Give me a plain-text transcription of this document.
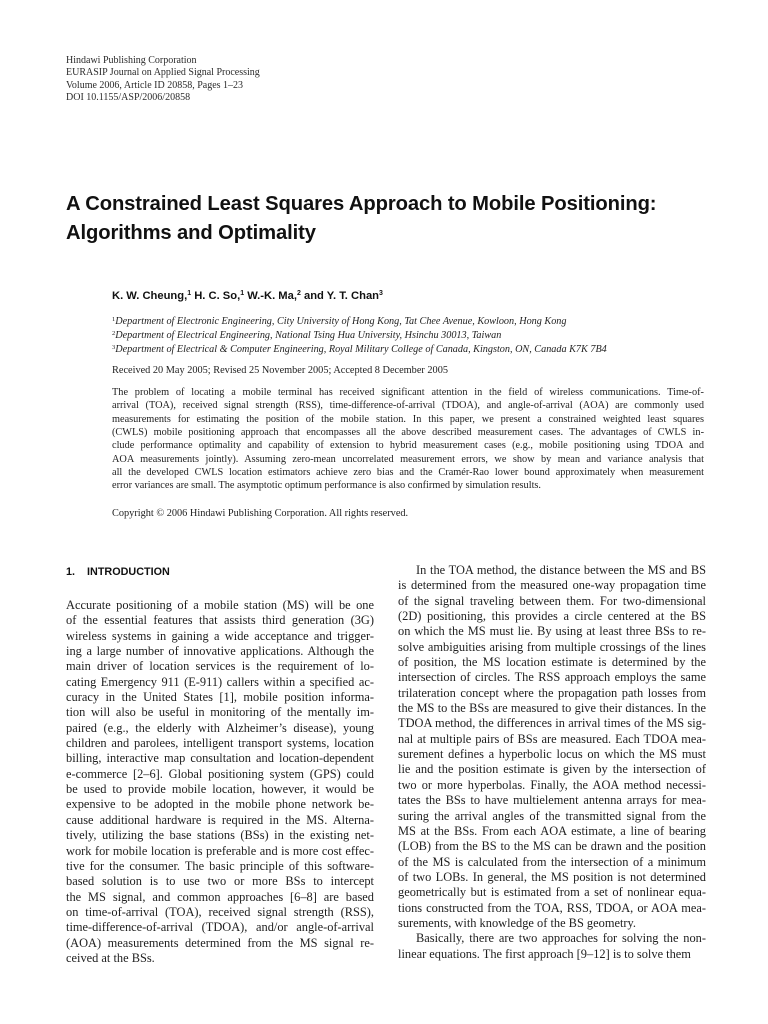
Hindawi Publishing Corporation
EURASIP Journal on Applied Signal Processing
Volume 2006, Article ID 20858, Pages 1–23
DOI 10.1155/ASP/2006/20858
A Constrained Least Squares Approach to Mobile Positioning:
Algorithms and Optimality
K. W. Cheung,$^1$ H. C. So,$^1$ W.-K. Ma,$^2$ and Y. T. Chan$^3$
$^1$Department of Electronic Engineering, City University of Hong Kong, Tat Chee Avenue, Kowloon, Hong Kong
$^2$Department of Electrical Engineering, National Tsing Hua University, Hsinchu 30013, Taiwan
$^3$Department of Electrical & Computer Engineering, Royal Military College of Canada, Kingston, ON, Canada K7K 7B4
Received 20 May 2005; Revised 25 November 2005; Accepted 8 December 2005
The problem of locating a mobile terminal has received significant attention in the field of wireless communications. Time-of-
arrival (TOA), received signal strength (RSS), time-difference-of-arrival (TDOA), and angle-of-arrival (AOA) are commonly used
measurements for estimating the position of the mobile station. In this paper, we present a constrained weighted least squares
(CWLS) mobile positioning approach that encompasses all the above described measurement cases. The advantages of CWLS in-
clude performance optimality and capability of extension to hybrid measurement cases (e.g., mobile positioning using TDOA and
AOA measurements jointly). Assuming zero-mean uncorrelated measurement errors, we show by mean and variance analysis that
all the developed CWLS location estimators achieve zero bias and the Cramér-Rao lower bound approximately when measurement
error variances are small. The asymptotic optimum performance is also confirmed by simulation results.
Copyright © 2006 Hindawi Publishing Corporation. All rights reserved.
1. INTRODUCTION
Accurate positioning of a mobile station (MS) will be one
of the essential features that assists third generation (3G)
wireless systems in gaining a wide acceptance and trigger-
ing a large number of innovative applications. Although the
main driver of location services is the requirement of lo-
cating Emergency 911 (E-911) callers within a specified ac-
curacy in the United States [1], mobile position informa-
tion will also be useful in monitoring of the mentally im-
paired (e.g., the elderly with Alzheimer’s disease), young
children and parolees, intelligent transport systems, location
billing, interactive map consultation and location-dependent
e-commerce [2–6]. Global positioning system (GPS) could
be used to provide mobile location, however, it would be
expensive to be adopted in the mobile phone network be-
cause additional hardware is required in the MS. Alterna-
tively, utilizing the base stations (BSs) in the existing net-
work for mobile location is preferable and is more cost effec-
tive for the consumer. The basic principle of this software-
based solution is to use two or more BSs to intercept
the MS signal, and common approaches [6–8] are based
on time-of-arrival (TOA), received signal strength (RSS),
time-difference-of-arrival (TDOA), and/or angle-of-arrival
(AOA) measurements determined from the MS signal re-
ceived at the BSs.
In the TOA method, the distance between the MS and BS
is determined from the measured one-way propagation time
of the signal traveling between them. For two-dimensional
(2D) positioning, this provides a circle centered at the BS
on which the MS must lie. By using at least three BSs to re-
solve ambiguities arising from multiple crossings of the lines
of position, the MS location estimate is determined by the
intersection of circles. The RSS approach employs the same
trilateration concept where the propagation path losses from
the MS to the BSs are measured to give their distances. In the
TDOA method, the differences in arrival times of the MS sig-
nal at multiple pairs of BSs are measured. Each TDOA mea-
surement defines a hyperbolic locus on which the MS must
lie and the position estimate is given by the intersection of
two or more hyperbolas. Finally, the AOA method necessi-
tates the BSs to have multielement antenna arrays for mea-
suring the arrival angles of the transmitted signal from the
MS at the BSs. From each AOA estimate, a line of bearing
(LOB) from the BS to the MS can be drawn and the position
of the MS is calculated from the intersection of a minimum
of two LOBs. In general, the MS position is not determined
geometrically but is estimated from a set of nonlinear equa-
tions constructed from the TOA, RSS, TDOA, or AOA mea-
surements, with knowledge of the BS geometry.
Basically, there are two approaches for solving the non-
linear equations. The first approach [9–12] is to solve them
